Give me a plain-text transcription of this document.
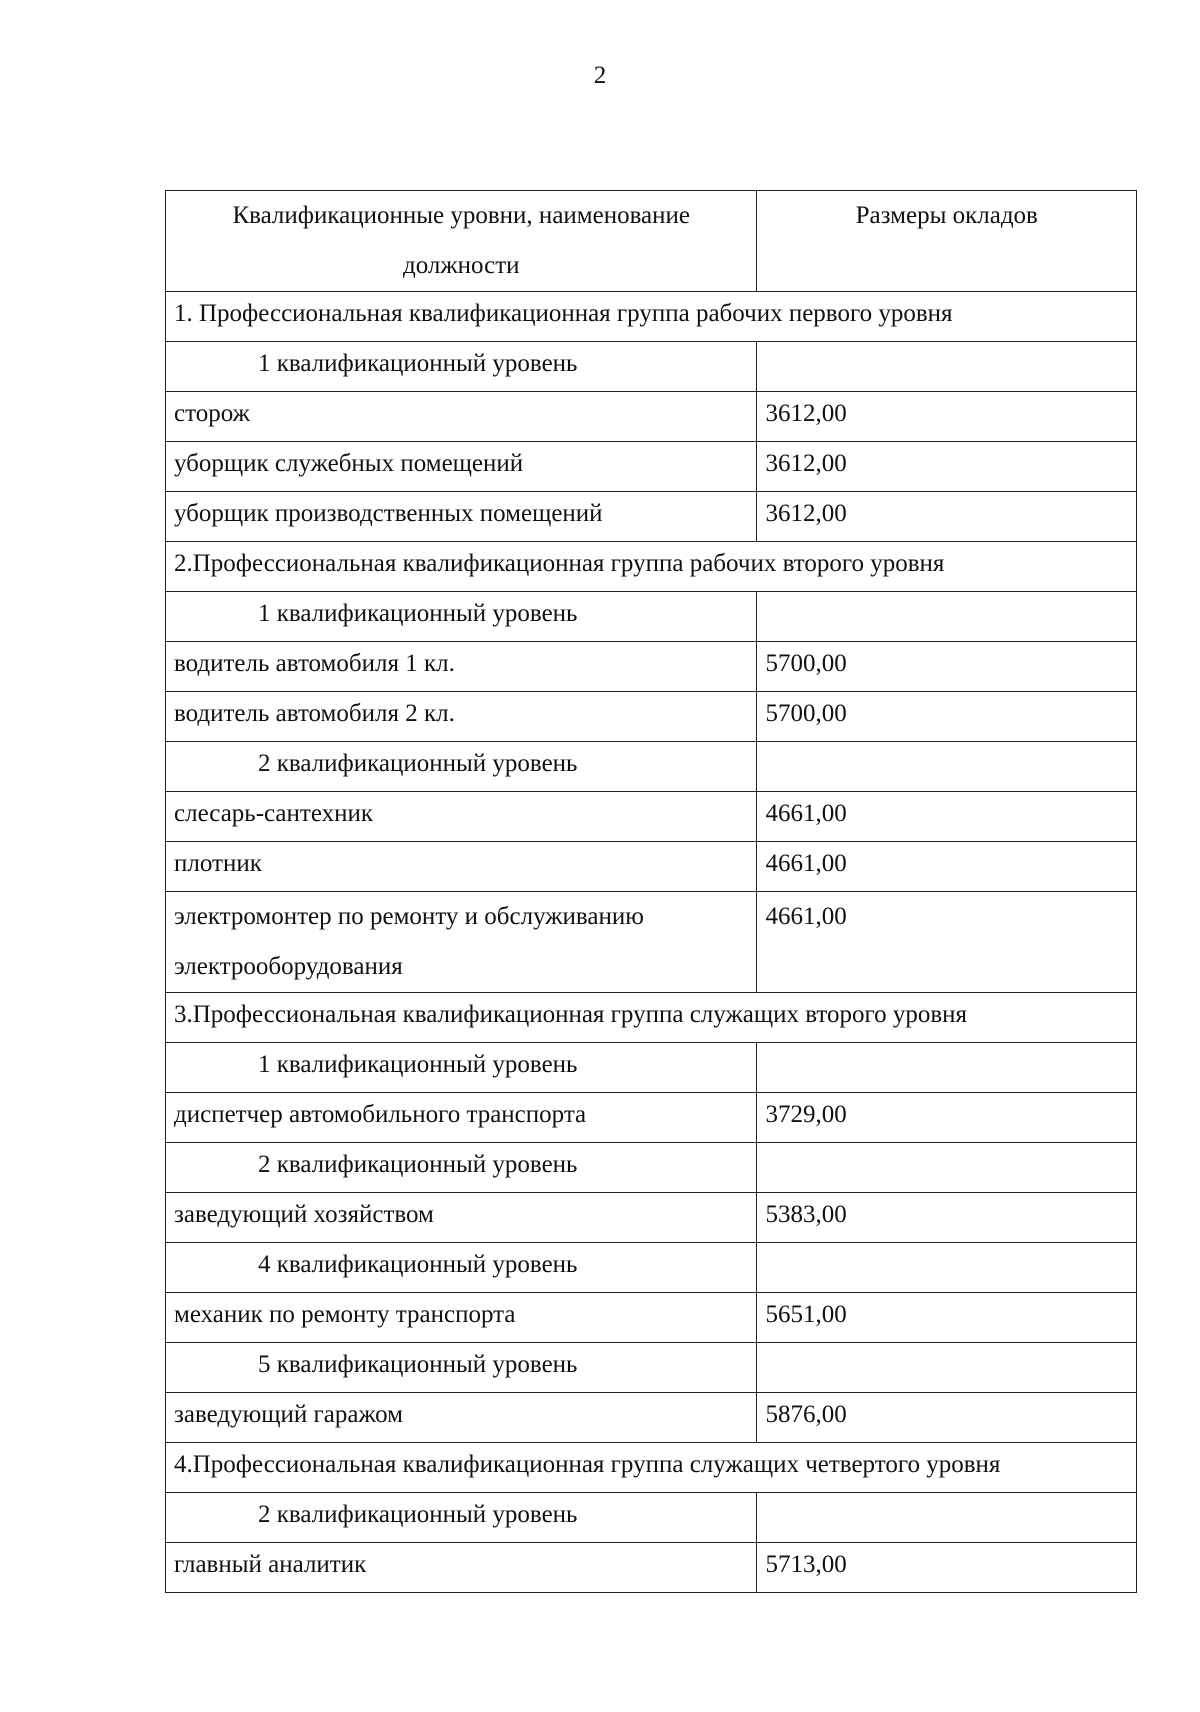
2
Квалификационные уровни, наименование должности	Размеры окладов
1. Профессиональная квалификационная группа рабочих первого уровня	
1 квалификационный уровень	
сторож	3612,00
уборщик служебных помещений	3612,00
уборщик производственных помещений	3612,00
2.Профессиональная квалификационная группа рабочих второго уровня	
1 квалификационный уровень	
водитель автомобиля 1 кл.	5700,00
водитель автомобиля 2 кл.	5700,00
2 квалификационный уровень	
слесарь-сантехник	4661,00
плотник	4661,00
электромонтер по ремонту и обслуживанию электрооборудования	4661,00
3.Профессиональная квалификационная группа служащих второго уровня	
1 квалификационный уровень	
диспетчер автомобильного транспорта	3729,00
2 квалификационный уровень	
заведующий хозяйством	5383,00
4 квалификационный уровень	
механик по ремонту транспорта	5651,00
5 квалификационный уровень	
заведующий гаражом	5876,00
4.Профессиональная квалификационная группа служащих четвертого уровня	
2 квалификационный уровень	
главный аналитик	5713,00
